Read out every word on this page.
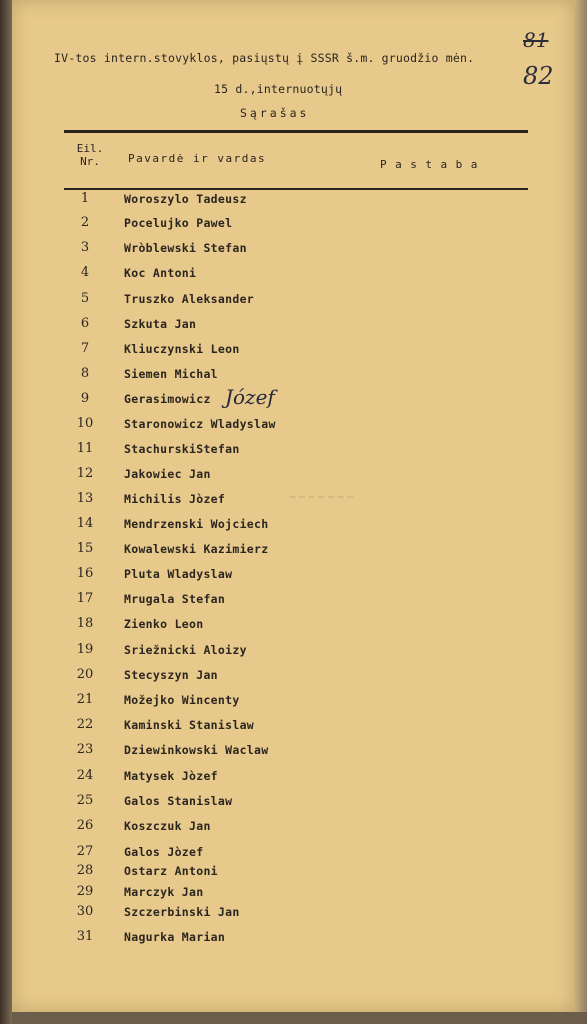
IV-tos intern.stovyklos, pasiųstų į SSSR š.m. gruodžio mėn.
15 d.,internuotųjų
Sąrašas
81
82
Eil. Nr.	Pavardė ir vardas	Pastaba
▭ ▭ ▭ ▭ ▭ ▭ ▭
1	Woroszylo Tadeusz
2	Pocelujko Pawel
3	Wròblewski Stefan
4	Koc Antoni
5	Truszko Aleksander
6	Szkuta Jan
7	Kliuczynski Leon
8	Siemen Michal
9	Gerasimowicz Józef
10	Staronowicz Wladyslaw
11	StachurskiStefan
12	Jakowiec Jan
13	Michilis Jòzef
14	Mendrzenski Wojciech
15	Kowalewski Kazimierz
16	Pluta Wladyslaw
17	Mrugala Stefan
18	Zienko Leon
19	Sriežnicki Aloizy
20	Stecyszyn Jan
21	Možejko Wincenty
22	Kaminski Stanislaw
23	Dziewinkowski Waclaw
24	Matysek Jòzef
25	Galos Stanislaw
26	Koszczuk Jan
27	Galos Jòzef
28	Ostarz Antoni
29	Marczyk Jan
30	Szczerbinski Jan
31	Nagurka Marian
